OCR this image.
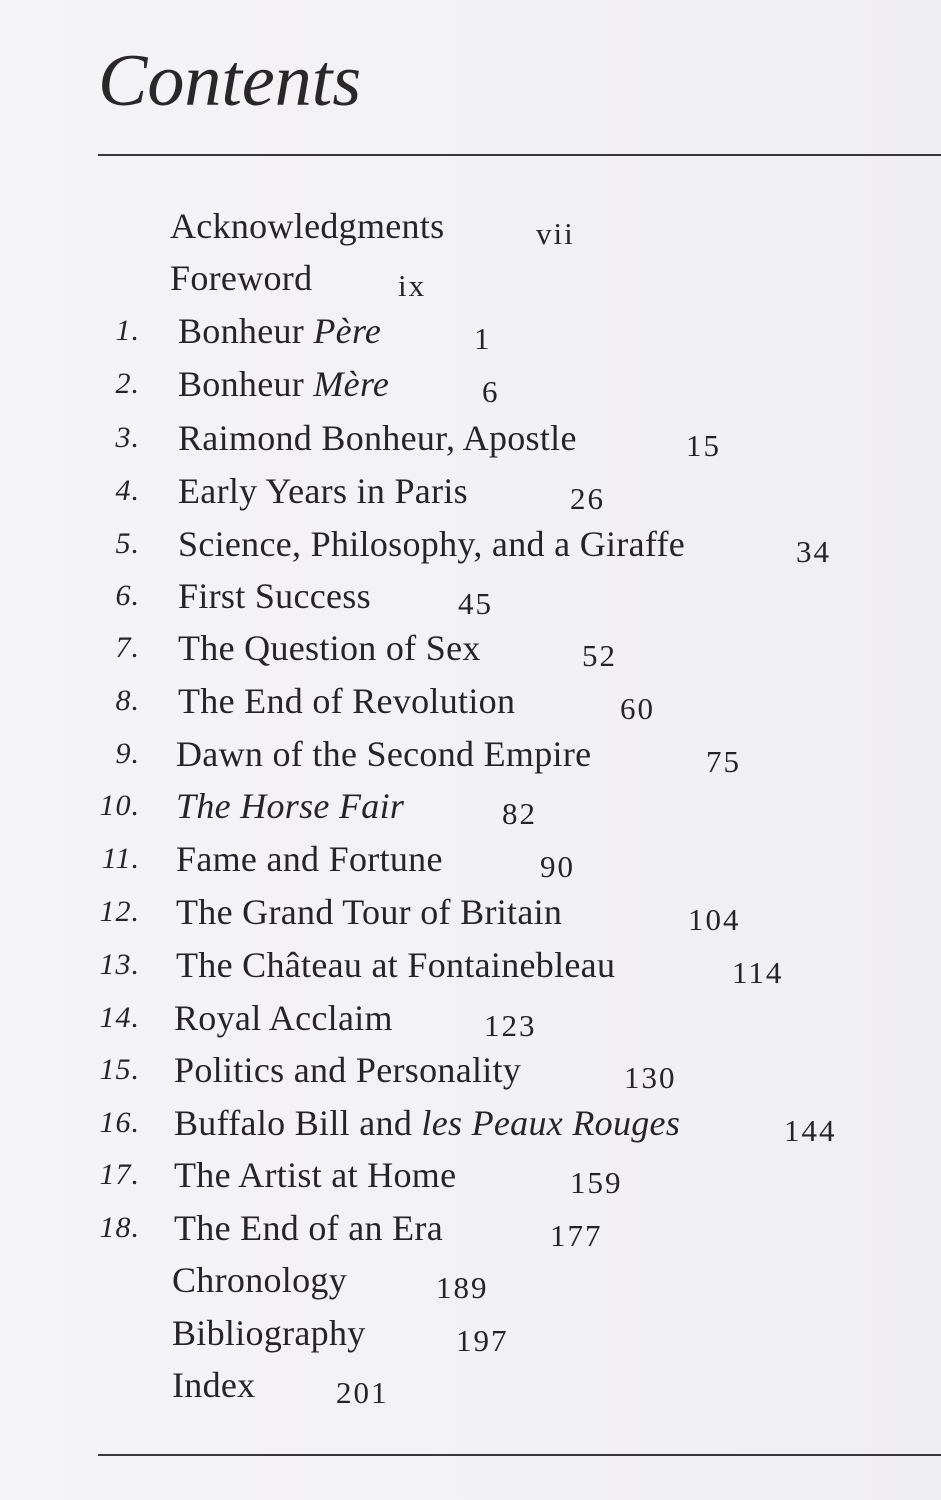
Contents
Acknowledgments	vii
Foreword	ix
1. Bonheur Père	1
2. Bonheur Mère	6
3. Raimond Bonheur, Apostle	15
4. Early Years in Paris	26
5. Science, Philosophy, and a Giraffe	34
6. First Success	45
7. The Question of Sex	52
8. The End of Revolution	60
9. Dawn of the Second Empire	75
10. The Horse Fair	82
11. Fame and Fortune	90
12. The Grand Tour of Britain	104
13. The Château at Fontainebleau	114
14. Royal Acclaim	123
15. Politics and Personality	130
16. Buffalo Bill and les Peaux Rouges	144
17. The Artist at Home	159
18. The End of an Era	177
Chronology	189
Bibliography	197
Index	201
